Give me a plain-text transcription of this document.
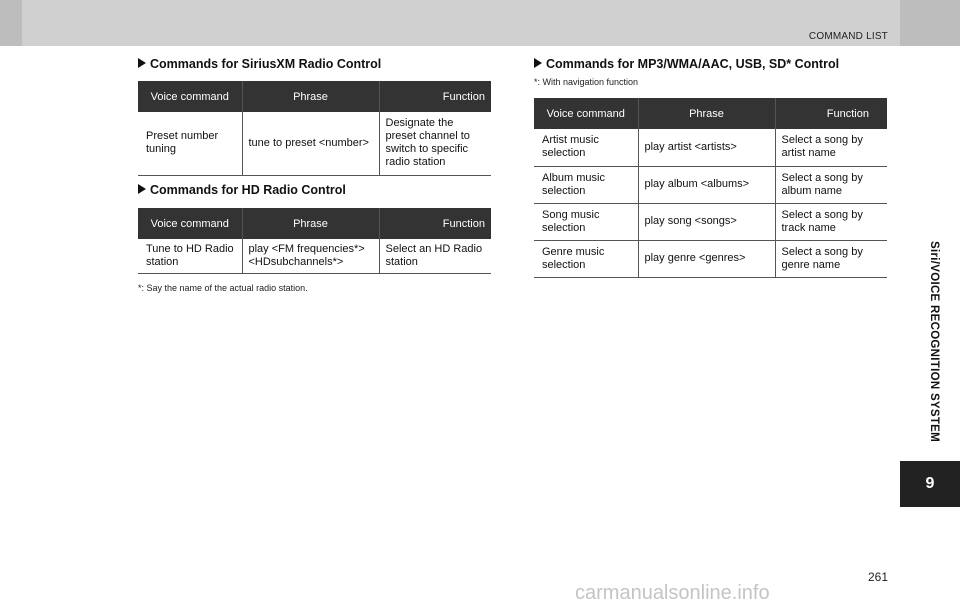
COMMAND LIST
Siri/VOICE RECOGNITION SYSTEM
9
Commands for SiriusXM Radio Control
Voice command	Phrase	Function
Preset number tuning	tune to preset <number>	Designate the preset channel to switch to specific radio station
Commands for HD Radio Control
Voice command	Phrase	Function
Tune to HD Radio station	play <FM frequencies*> <HDsubchannels*>	Select an HD Radio station
*: Say the name of the actual radio station.
Commands for MP3/WMA/AAC, USB, SD* Control
*: With navigation function
Voice command	Phrase	Function
Artist music selection	play artist <artists>	Select a song by artist name
Album music selection	play album <albums>	Select a song by album name
Song music selection	play song <songs>	Select a song by track name
Genre music selection	play genre <genres>	Select a song by genre name
261
carmanualsonline.info
